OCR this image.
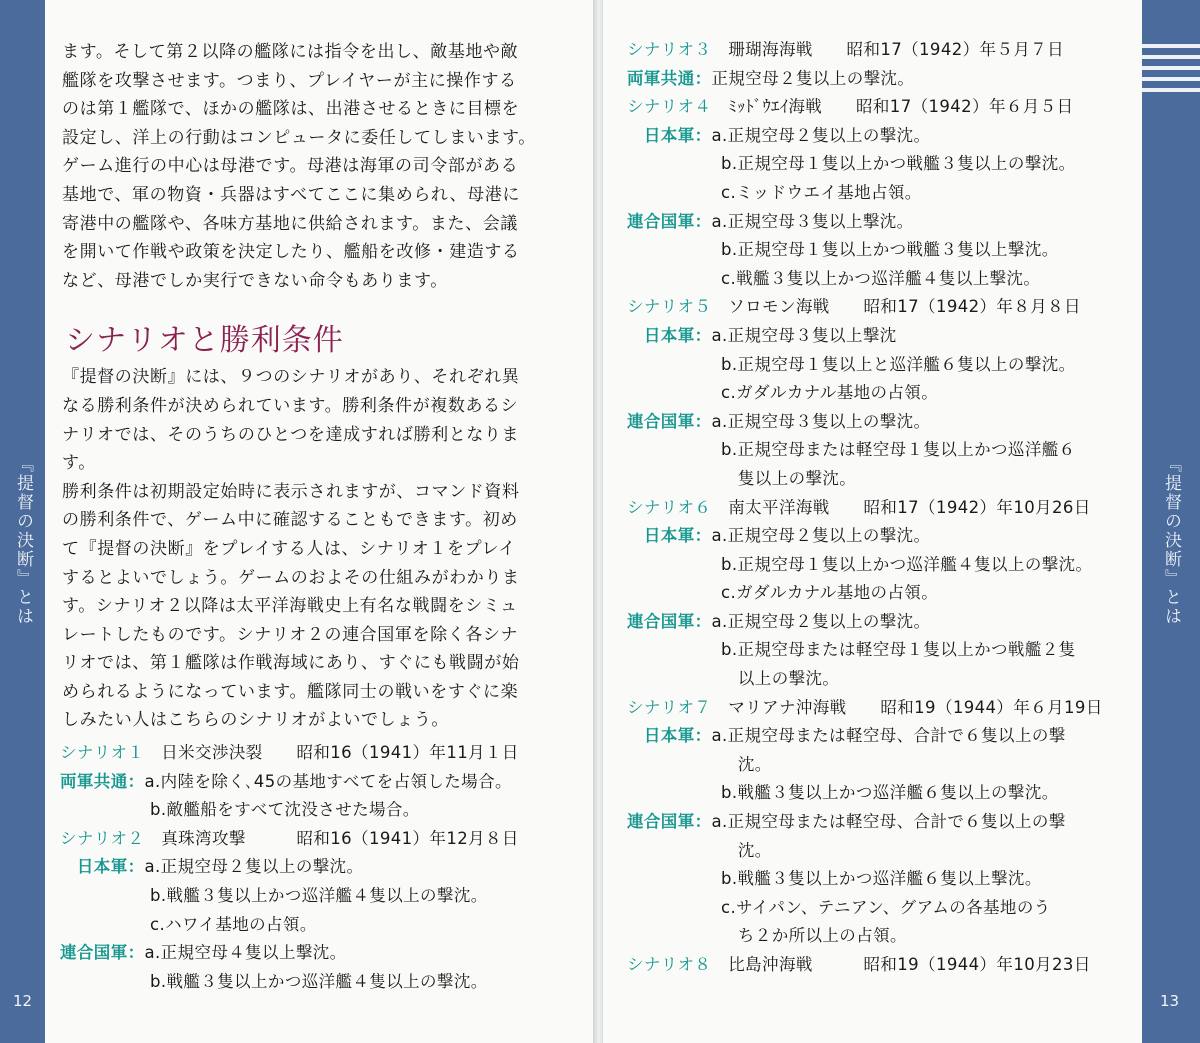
『提督の決断』とは
12
『提督の決断』とは
13
ます。そして第２以降の艦隊には指令を出し、敵基地や敵
艦隊を攻撃させます。つまり、プレイヤーが主に操作する
のは第１艦隊で、ほかの艦隊は、出港させるときに目標を
設定し、洋上の行動はコンピュータに委任してしまいます。
ゲーム進行の中心は母港です。母港は海軍の司令部がある
基地で、軍の物資・兵器はすべてここに集められ、母港に
寄港中の艦隊や、各味方基地に供給されます。また、会議
を開いて作戦や政策を決定したり、艦船を改修・建造する
など、母港でしか実行できない命令もあります。
シナリオと勝利条件
『提督の決断』には、９つのシナリオがあり、それぞれ異
なる勝利条件が決められています。勝利条件が複数あるシ
ナリオでは、そのうちのひとつを達成すれば勝利となりま
す。
勝利条件は初期設定始時に表示されますが、コマンド資料
の勝利条件で、ゲーム中に確認することもできます。初め
て『提督の決断』をプレイする人は、シナリオ１をプレイ
するとよいでしょう。ゲームのおよその仕組みがわかりま
す。シナリオ２以降は太平洋海戦史上有名な戦闘をシミュ
レートしたものです。シナリオ２の連合国軍を除く各シナ
リオでは、第１艦隊は作戦海域にあり、すぐにも戦闘が始
められるようになっています。艦隊同士の戦いをすぐに楽
しみたい人はこちらのシナリオがよいでしょう。
シナリオ１ 　日米交渉決裂　　昭和16（1941）年11月１日
両軍共通： a.内陸を除く､45の基地すべてを占領した場合。
b.敵艦船をすべて沈没させた場合。
シナリオ２ 　真珠湾攻撃　　　昭和16（1941）年12月８日
　日本軍： a.正規空母２隻以上の撃沈。
b.戦艦３隻以上かつ巡洋艦４隻以上の撃沈。
c.ハワイ基地の占領。
連合国軍： a.正規空母４隻以上撃沈。
b.戦艦３隻以上かつ巡洋艦４隻以上の撃沈。
シナリオ３ 　珊瑚海海戦　　昭和17（1942）年５月７日
両軍共通： 正規空母２隻以上の撃沈。
シナリオ４ 　ﾐｯﾄﾞｳｴｲ海戦　　昭和17（1942）年６月５日
　日本軍： a.正規空母２隻以上の撃沈。
b.正規空母１隻以上かつ戦艦３隻以上の撃沈。
c.ミッドウエイ基地占領。
連合国軍： a.正規空母３隻以上撃沈。
b.正規空母１隻以上かつ戦艦３隻以上撃沈。
c.戦艦３隻以上かつ巡洋艦４隻以上撃沈。
シナリオ５ 　ソロモン海戦　　昭和17（1942）年８月８日
　日本軍： a.正規空母３隻以上撃沈
b.正規空母１隻以上と巡洋艦６隻以上の撃沈。
c.ガダルカナル基地の占領。
連合国軍： a.正規空母３隻以上の撃沈。
b.正規空母または軽空母１隻以上かつ巡洋艦６
　隻以上の撃沈。
シナリオ６ 　南太平洋海戦　　昭和17（1942）年10月26日
　日本軍： a.正規空母２隻以上の撃沈。
b.正規空母１隻以上かつ巡洋艦４隻以上の撃沈。
c.ガダルカナル基地の占領。
連合国軍： a.正規空母２隻以上の撃沈。
b.正規空母または軽空母１隻以上かつ戦艦２隻
　以上の撃沈。
シナリオ７ 　マリアナ沖海戦　　昭和19（1944）年６月19日
　日本軍： a.正規空母または軽空母、合計で６隻以上の撃
　沈。
b.戦艦３隻以上かつ巡洋艦６隻以上の撃沈。
連合国軍： a.正規空母または軽空母、合計で６隻以上の撃
　沈。
b.戦艦３隻以上かつ巡洋艦６隻以上撃沈。
c.サイパン、テニアン、グアムの各基地のう
　ち２か所以上の占領。
シナリオ８ 　比島沖海戦　　　昭和19（1944）年10月23日
